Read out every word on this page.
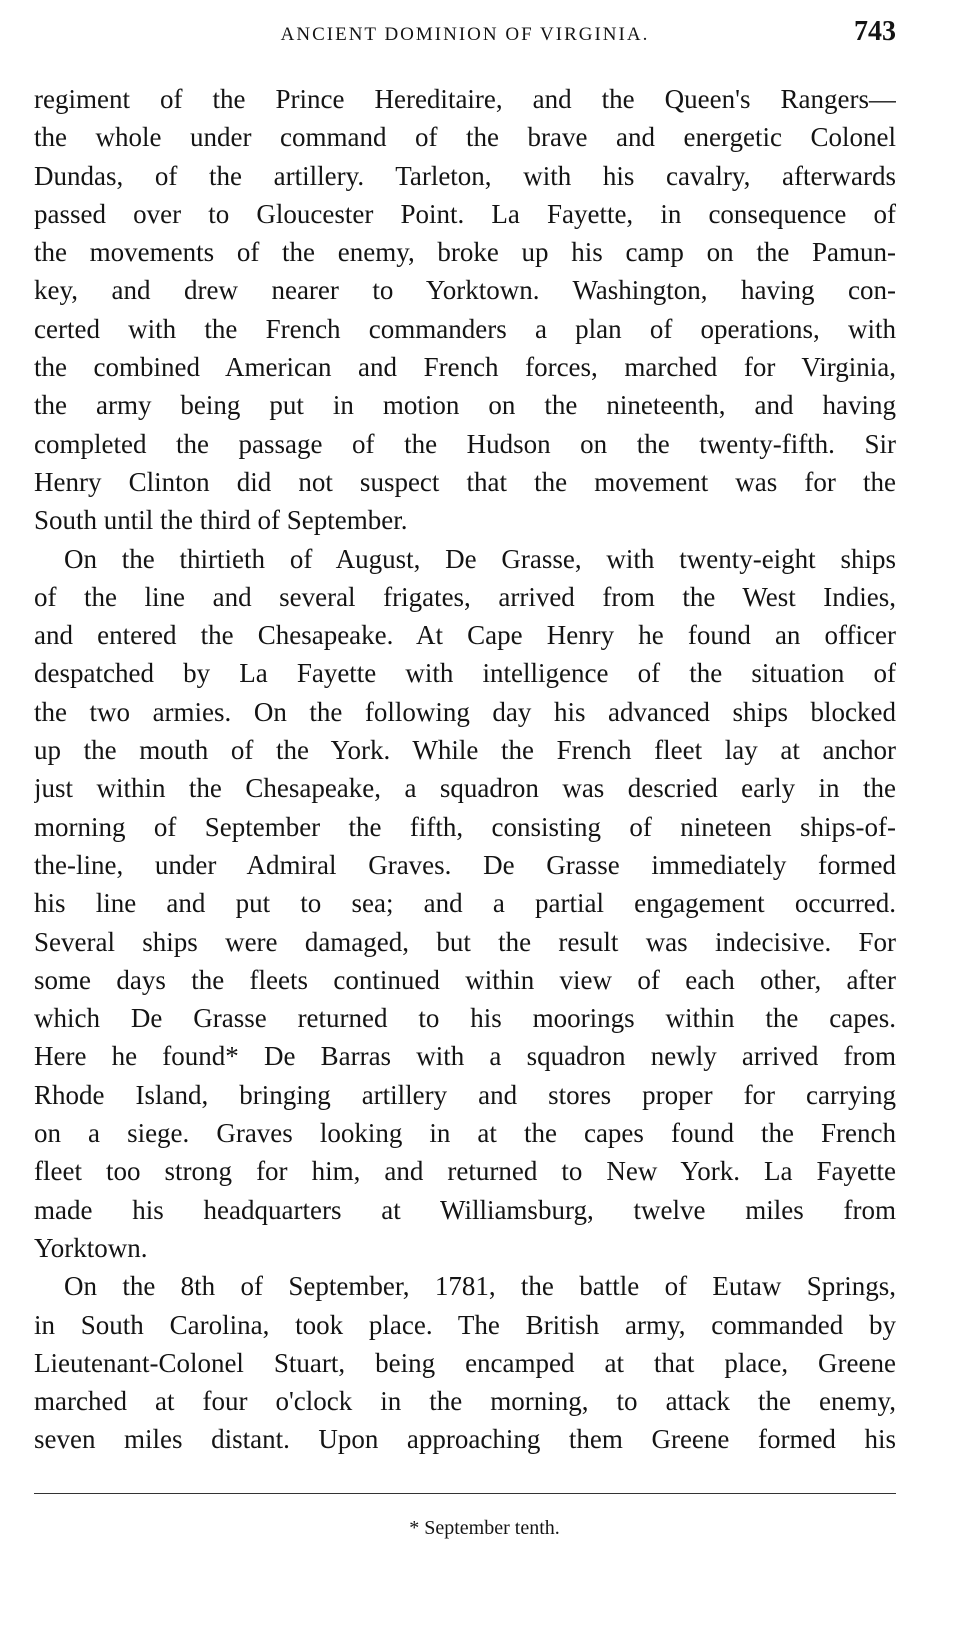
ANCIENT DOMINION OF VIRGINIA.	743
regiment of the Prince Hereditaire, and the Queen's Rangers—
the whole under command of the brave and energetic Colonel
Dundas, of the artillery. Tarleton, with his cavalry, afterwards
passed over to Gloucester Point. La Fayette, in consequence of
the movements of the enemy, broke up his camp on the Pamun-
key, and drew nearer to Yorktown. Washington, having con-
certed with the French commanders a plan of operations, with
the combined American and French forces, marched for Virginia,
the army being put in motion on the nineteenth, and having
completed the passage of the Hudson on the twenty-fifth. Sir
Henry Clinton did not suspect that the movement was for the
South until the third of September.
On the thirtieth of August, De Grasse, with twenty-eight ships
of the line and several frigates, arrived from the West Indies,
and entered the Chesapeake. At Cape Henry he found an officer
despatched by La Fayette with intelligence of the situation of
the two armies. On the following day his advanced ships blocked
up the mouth of the York. While the French fleet lay at anchor
just within the Chesapeake, a squadron was descried early in the
morning of September the fifth, consisting of nineteen ships-of-
the-line, under Admiral Graves. De Grasse immediately formed
his line and put to sea; and a partial engagement occurred.
Several ships were damaged, but the result was indecisive. For
some days the fleets continued within view of each other, after
which De Grasse returned to his moorings within the capes.
Here he found* De Barras with a squadron newly arrived from
Rhode Island, bringing artillery and stores proper for carrying
on a siege. Graves looking in at the capes found the French
fleet too strong for him, and returned to New York. La Fayette
made his headquarters at Williamsburg, twelve miles from
Yorktown.
On the 8th of September, 1781, the battle of Eutaw Springs,
in South Carolina, took place. The British army, commanded by
Lieutenant-Colonel Stuart, being encamped at that place, Greene
marched at four o'clock in the morning, to attack the enemy,
seven miles distant. Upon approaching them Greene formed his
* September tenth.
